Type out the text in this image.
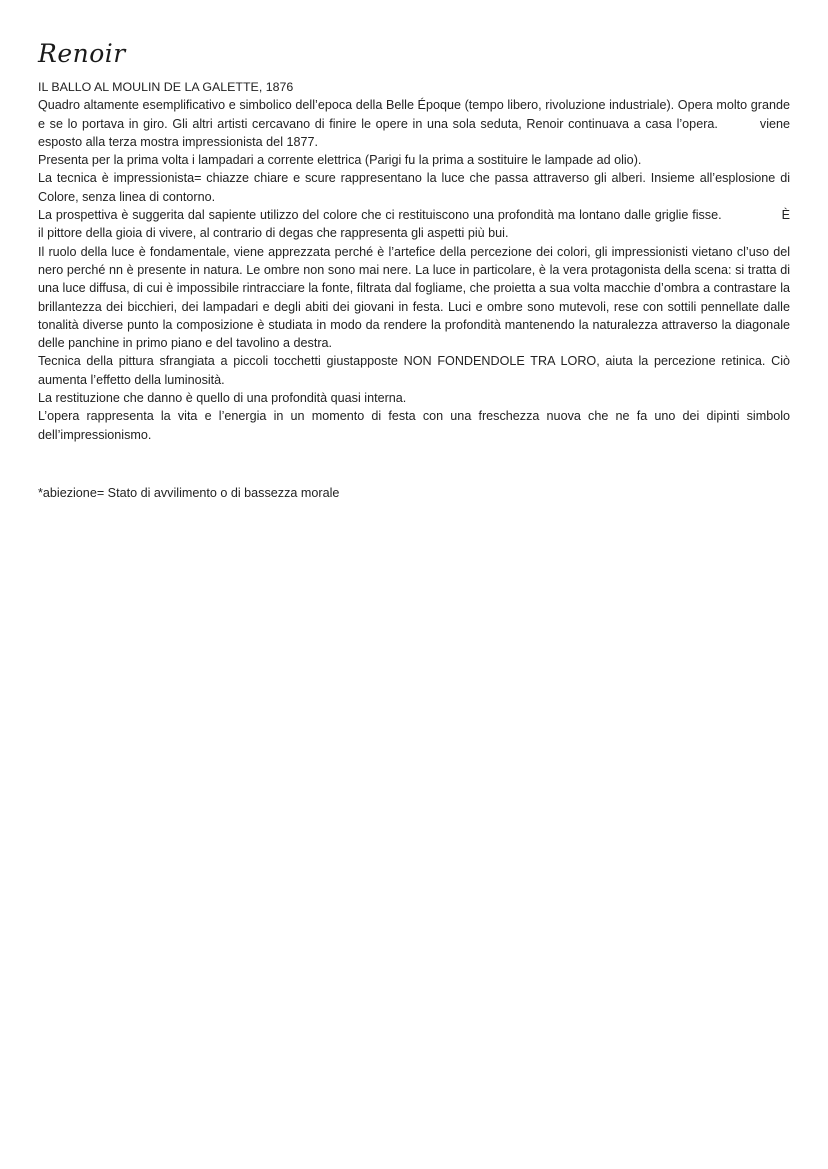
Renoir

IL BALLO AL MOULIN DE LA GALETTE, 1876

Quadro altamente esemplificativo e simbolico dell’epoca della Belle Époque (tempo libero, rivoluzione industriale). Opera molto grande e se lo portava in giro. Gli altri artisti cercavano di finire le opere in una sola seduta, Renoir continuava a casa l’opera.	viene esposto alla terza mostra impressionista del 1877.

Presenta per la prima volta i lampadari a corrente elettrica (Parigi fu la prima a sostituire le lampade ad olio).

La tecnica è impressionista= chiazze chiare e scure rappresentano la luce che passa attraverso gli alberi. Insieme all’esplosione di Colore, senza linea di contorno.

La prospettiva è suggerita dal sapiente utilizzo del colore che ci restituiscono una profondità ma lontano dalle griglie fisse.	È il pittore della gioia di vivere, al contrario di degas che rappresenta gli aspetti più bui.

Il ruolo della luce è fondamentale, viene apprezzata perché è l’artefice della percezione dei colori, gli impressionisti vietano cl’uso del nero perché nn è presente in natura. Le ombre non sono mai nere. La luce in particolare, è la vera protagonista della scena: si tratta di una luce diffusa, di cui è impossibile rintracciare la fonte, filtrata dal fogliame, che proietta a sua volta macchie d’ombra a contrastare la brillantezza dei bicchieri, dei lampadari e degli abiti dei giovani in festa. Luci e ombre sono mutevoli, rese con sottili pennellate dalle tonalità diverse punto la composizione è studiata in modo da rendere la profondità mantenendo la naturalezza attraverso la diagonale delle panchine in primo piano e del tavolino a destra.

Tecnica della pittura sfrangiata a piccoli tocchetti giustapposte NON FONDENDOLE TRA LORO, aiuta la percezione retinica. Ciò aumenta l’effetto della luminosità.

La restituzione che danno è quello di una profondità quasi interna.

L’opera rappresenta la vita e l’energia in un momento di festa con una freschezza nuova che ne fa uno dei dipinti simbolo dell’impressionismo.

*abiezione= Stato di avvilimento o di bassezza morale
